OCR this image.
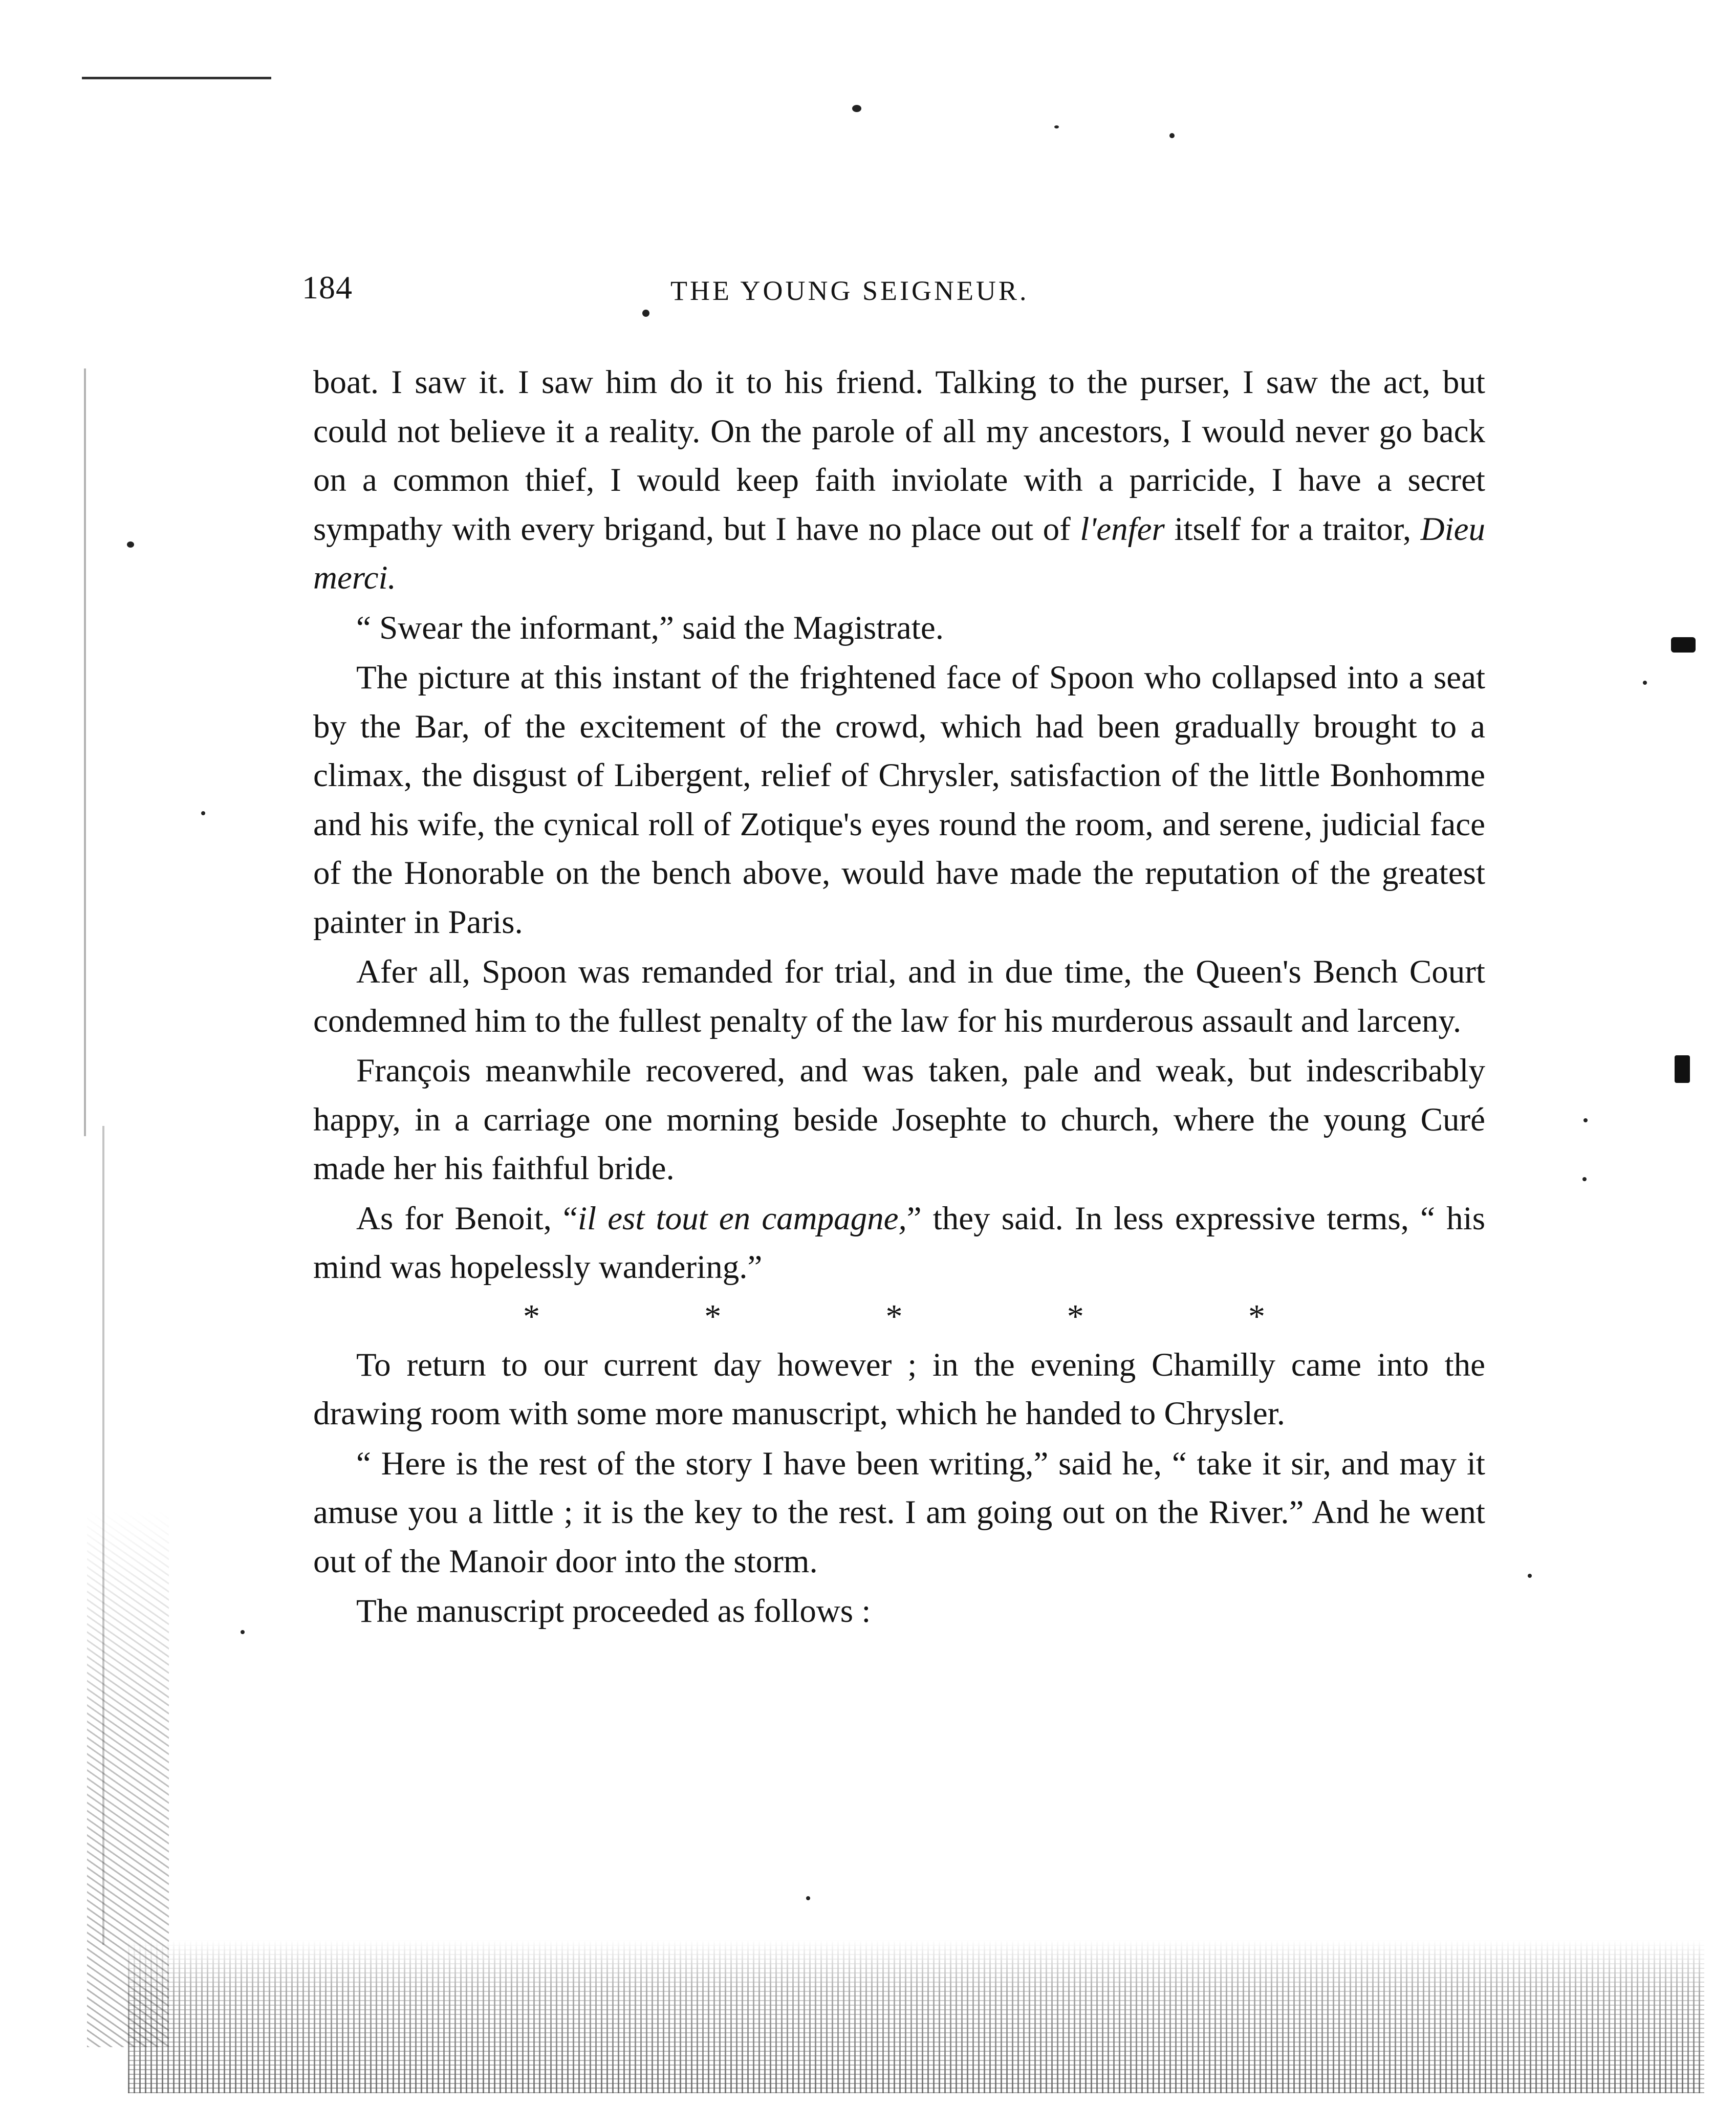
184	THE YOUNG SEIGNEUR.

boat. I saw it. I saw him do it to his friend. Talking to the purser, I saw the act, but could not believe it a reality. On the parole of all my ancestors, I would never go back on a common thief, I would keep faith inviolate with a parricide, I have a secret sympathy with every brigand, but I have no place out of l'enfer itself for a traitor, Dieu merci.

“ Swear the informant,” said the Magistrate.

The picture at this instant of the frightened face of Spoon who collapsed into a seat by the Bar, of the excitement of the crowd, which had been gradually brought to a climax, the disgust of Libergent, relief of Chrysler, satisfaction of the little Bonhomme and his wife, the cynical roll of Zotique's eyes round the room, and serene, judicial face of the Honorable on the bench above, would have made the reputation of the greatest painter in Paris.

Afer all, Spoon was remanded for trial, and in due time, the Queen's Bench Court condemned him to the fullest penalty of the law for his murderous assault and larceny.

François meanwhile recovered, and was taken, pale and weak, but indescribably happy, in a carriage one morning beside Josephte to church, where the young Curé made her his faithful bride.

As for Benoit, “il est tout en campagne,” they said. In less expressive terms, “ his mind was hopelessly wandering.”

*	*	*	*	*

To return to our current day however ; in the evening Chamilly came into the drawing room with some more manuscript, which he handed to Chrysler.

“ Here is the rest of the story I have been writing,” said he, “ take it sir, and may it amuse you a little ; it is the key to the rest. I am going out on the River.” And he went out of the Manoir door into the storm.

The manuscript proceeded as follows :
